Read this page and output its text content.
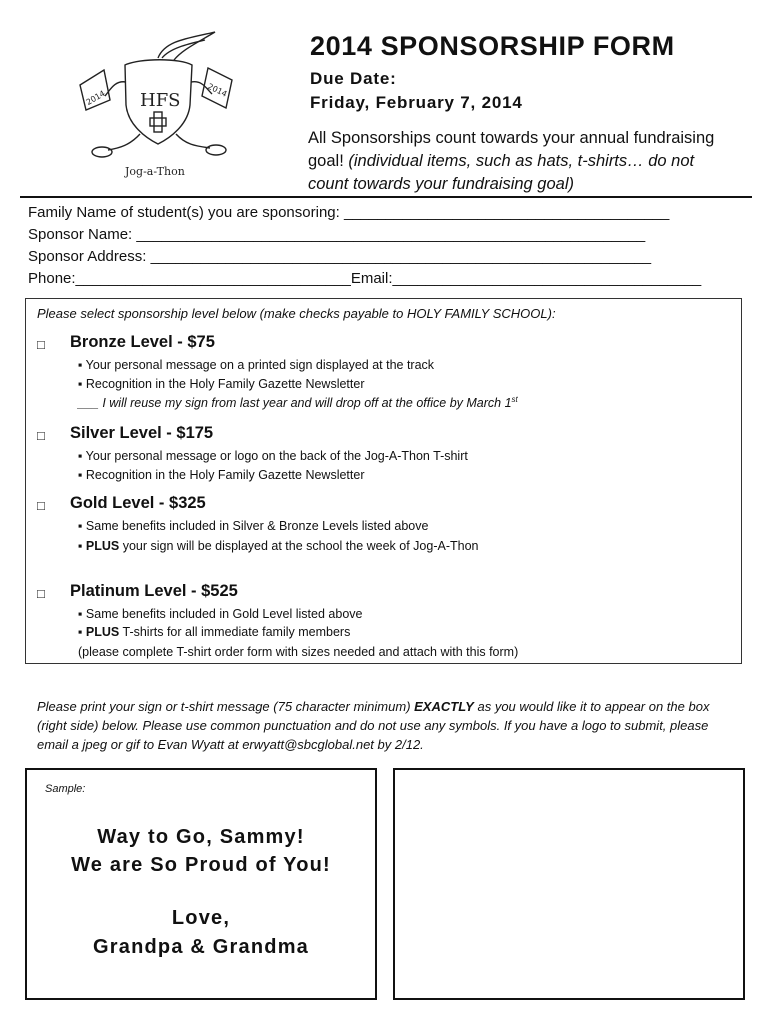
HFS
2014	2014
Jog-a-Thon
2014 SPONSORSHIP FORM
Due Date:
Friday, February 7, 2014
All Sponsorships count towards your annual fundraising goal! (individual items, such as hats, t-shirts… do not count towards your fundraising goal)
Family Name of student(s) you are sponsoring: _______________________________________
Sponsor Name: _____________________________________________________________
Sponsor Address: ____________________________________________________________
Phone:_________________________________Email:_____________________________________
Please select sponsorship level below (make checks payable to HOLY FAMILY SCHOOL):
□ Bronze Level - $75
▪ Your personal message on a printed sign displayed at the track
▪ Recognition in the Holy Family Gazette Newsletter
___ I will reuse my sign from last year and will drop off at the office by March 1st
□ Silver Level - $175
▪ Your personal message or logo on the back of the Jog-A-Thon T-shirt
▪ Recognition in the Holy Family Gazette Newsletter
□ Gold Level - $325
▪ Same benefits included in Silver & Bronze Levels listed above
▪ PLUS your sign will be displayed at the school the week of Jog-A-Thon
□ Platinum Level - $525
▪ Same benefits included in Gold Level listed above
▪ PLUS T-shirts for all immediate family members
(please complete T-shirt order form with sizes needed and attach with this form)
Please print your sign or t-shirt message (75 character minimum) EXACTLY as you would like it to appear on the box (right side) below. Please use common punctuation and do not use any symbols. If you have a logo to submit, please email a jpeg or gif to Evan Wyatt at erwyatt@sbcglobal.net by 2/12.
Sample:
Way to Go, Sammy!
We are So Proud of You!
Love,
Grandpa & Grandma
